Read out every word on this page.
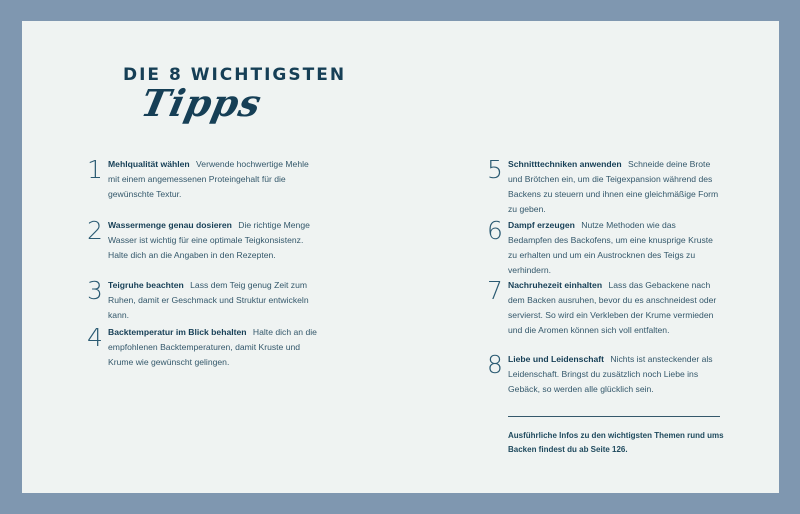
DIE 8 WICHTIGSTEN
Tipps
1 Mehlqualität wählen Verwende hochwertige Mehle mit einem angemessenen Proteingehalt für die gewünschte Textur.
2 Wassermenge genau dosieren Die richtige Menge Wasser ist wichtig für eine optimale Teigkonsistenz. Halte dich an die Angaben in den Rezepten.
3 Teigruhe beachten Lass dem Teig genug Zeit zum Ruhen, damit er Geschmack und Struktur entwickeln kann.
4 Backtemperatur im Blick behalten Halte dich an die empfohlenen Backtemperaturen, damit Kruste und Krume wie gewünscht gelingen.
5 Schnitttechniken anwenden Schneide deine Brote und Brötchen ein, um die Teigexpansion während des Backens zu steuern und ihnen eine gleichmäßige Form zu geben.
6 Dampf erzeugen Nutze Methoden wie das Bedampfen des Backofens, um eine knusprige Kruste zu erhalten und um ein Austrocknen des Teigs zu verhindern.
7 Nachruhezeit einhalten Lass das Gebackene nach dem Backen ausruhen, bevor du es anschneidest oder servierst. So wird ein Verkleben der Krume vermieden und die Aromen können sich voll entfalten.
8 Liebe und Leidenschaft Nichts ist ansteckender als Leidenschaft. Bringst du zusätzlich noch Liebe ins Gebäck, so werden alle glücklich sein.
Ausführliche Infos zu den wichtigsten Themen rund ums Backen findest du ab Seite 126.
